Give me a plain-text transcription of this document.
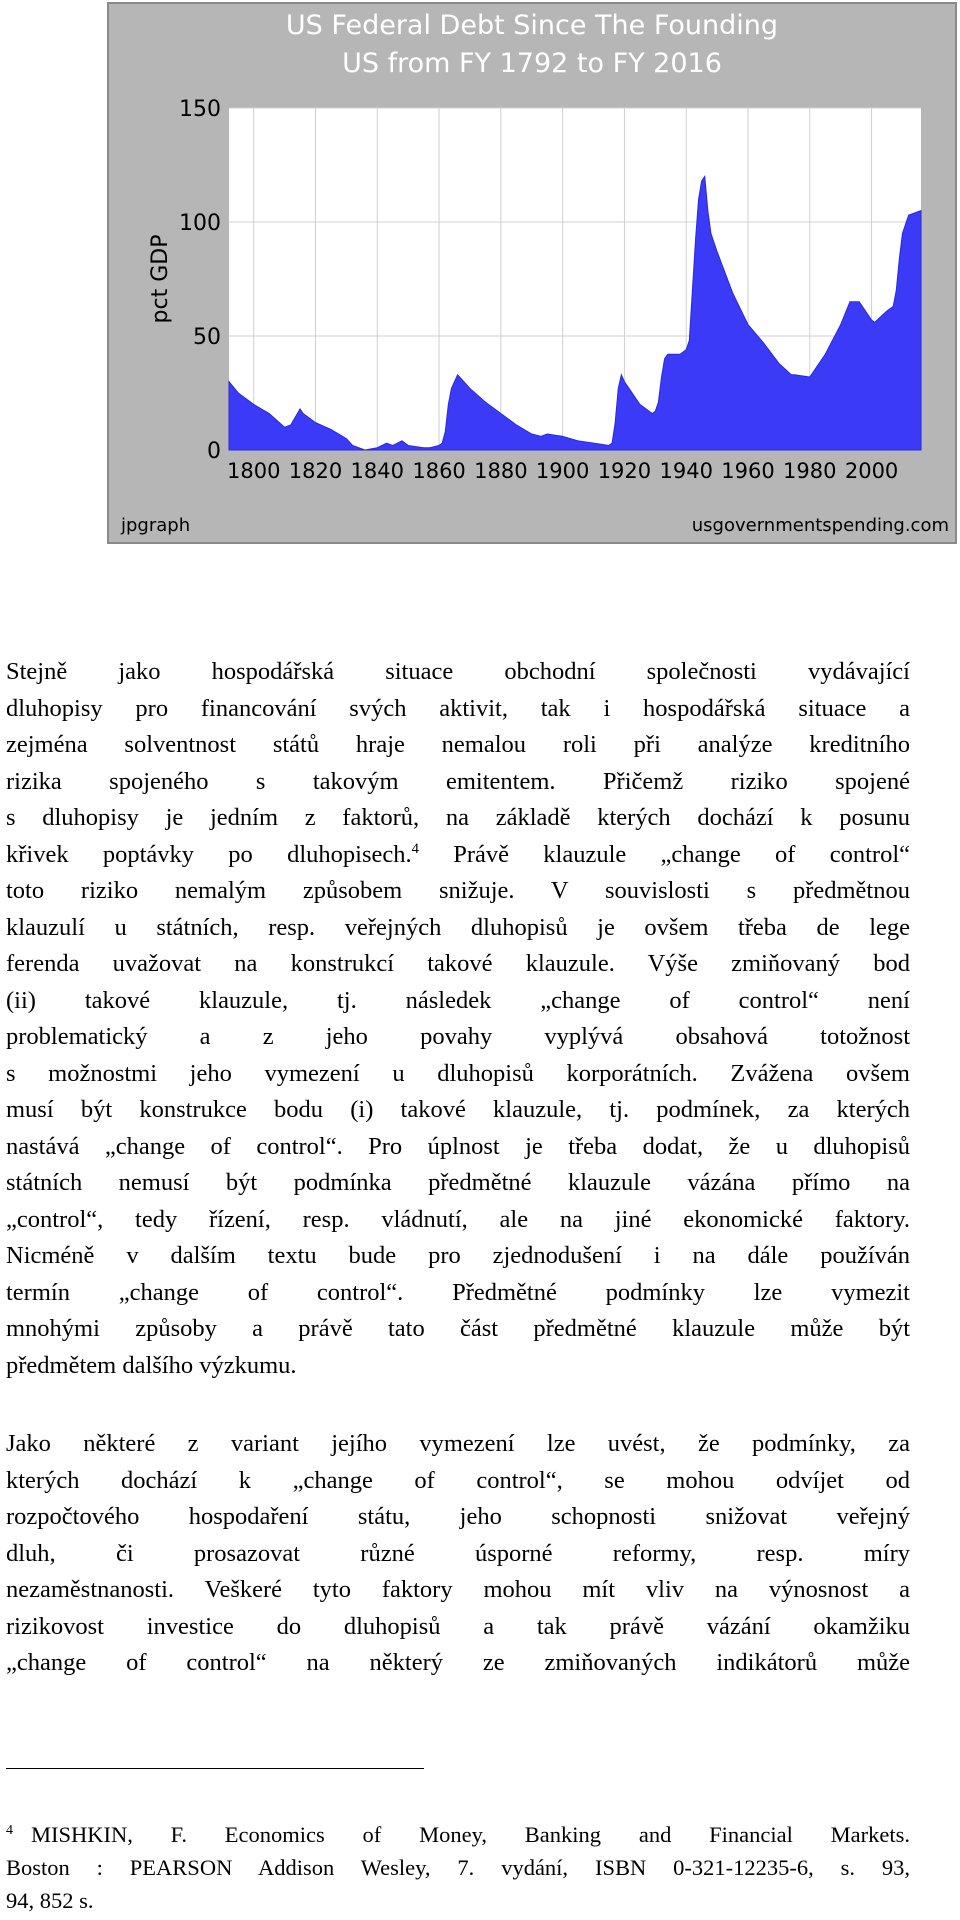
US Federal Debt Since The Founding
US from FY 1792 to FY 2016
0
50
100
150
1800 1820 1840 1860 1880 1900 1920 1940 1960 1980 2000
pct GDP
jpgraph	usgovernmentspending.com

Stejně jako hospodářská situace obchodní společnosti vydávající
dluhopisy pro financování svých aktivit, tak i hospodářská situace a
zejména solventnost států hraje nemalou roli při analýze kreditního
rizika spojeného s takovým emitentem. Přičemž riziko spojené
s dluhopisy je jedním z faktorů, na základě kterých dochází k posunu
křivek poptávky po dluhopisech.$^4$ Právě klauzule „change of control“
toto riziko nemalým způsobem snižuje. V souvislosti s předmětnou
klauzulí u státních, resp. veřejných dluhopisů je ovšem třeba de lege
ferenda uvažovat na konstrukcí takové klauzule. Výše zmiňovaný bod
(ii) takové klauzule, tj. následek „change of control“ není
problematický a z jeho povahy vyplývá obsahová totožnost
s možnostmi jeho vymezení u dluhopisů korporátních. Zvážena ovšem
musí být konstrukce bodu (i) takové klauzule, tj. podmínek, za kterých
nastává „change of control“. Pro úplnost je třeba dodat, že u dluhopisů
státních nemusí být podmínka předmětné klauzule vázána přímo na
„control“, tedy řízení, resp. vládnutí, ale na jiné ekonomické faktory.
Nicméně v dalším textu bude pro zjednodušení i na dále používán
termín „change of control“. Předmětné podmínky lze vymezit
mnohými způsoby a právě tato část předmětné klauzule může být
předmětem dalšího výzkumu.

Jako některé z variant jejího vymezení lze uvést, že podmínky, za
kterých dochází k „change of control“, se mohou odvíjet od
rozpočtového hospodaření státu, jeho schopnosti snižovat veřejný
dluh, či prosazovat různé úsporné reformy, resp. míry
nezaměstnanosti. Veškeré tyto faktory mohou mít vliv na výnosnost a
rizikovost investice do dluhopisů a tak právě vázání okamžiku
„change of control“ na některý ze zmiňovaných indikátorů může

$^4$ MISHKIN, F. Economics of Money, Banking and Financial Markets.
Boston : PEARSON Addison Wesley, 7. vydání, ISBN 0-321-12235-6, s. 93,
94, 852 s.
